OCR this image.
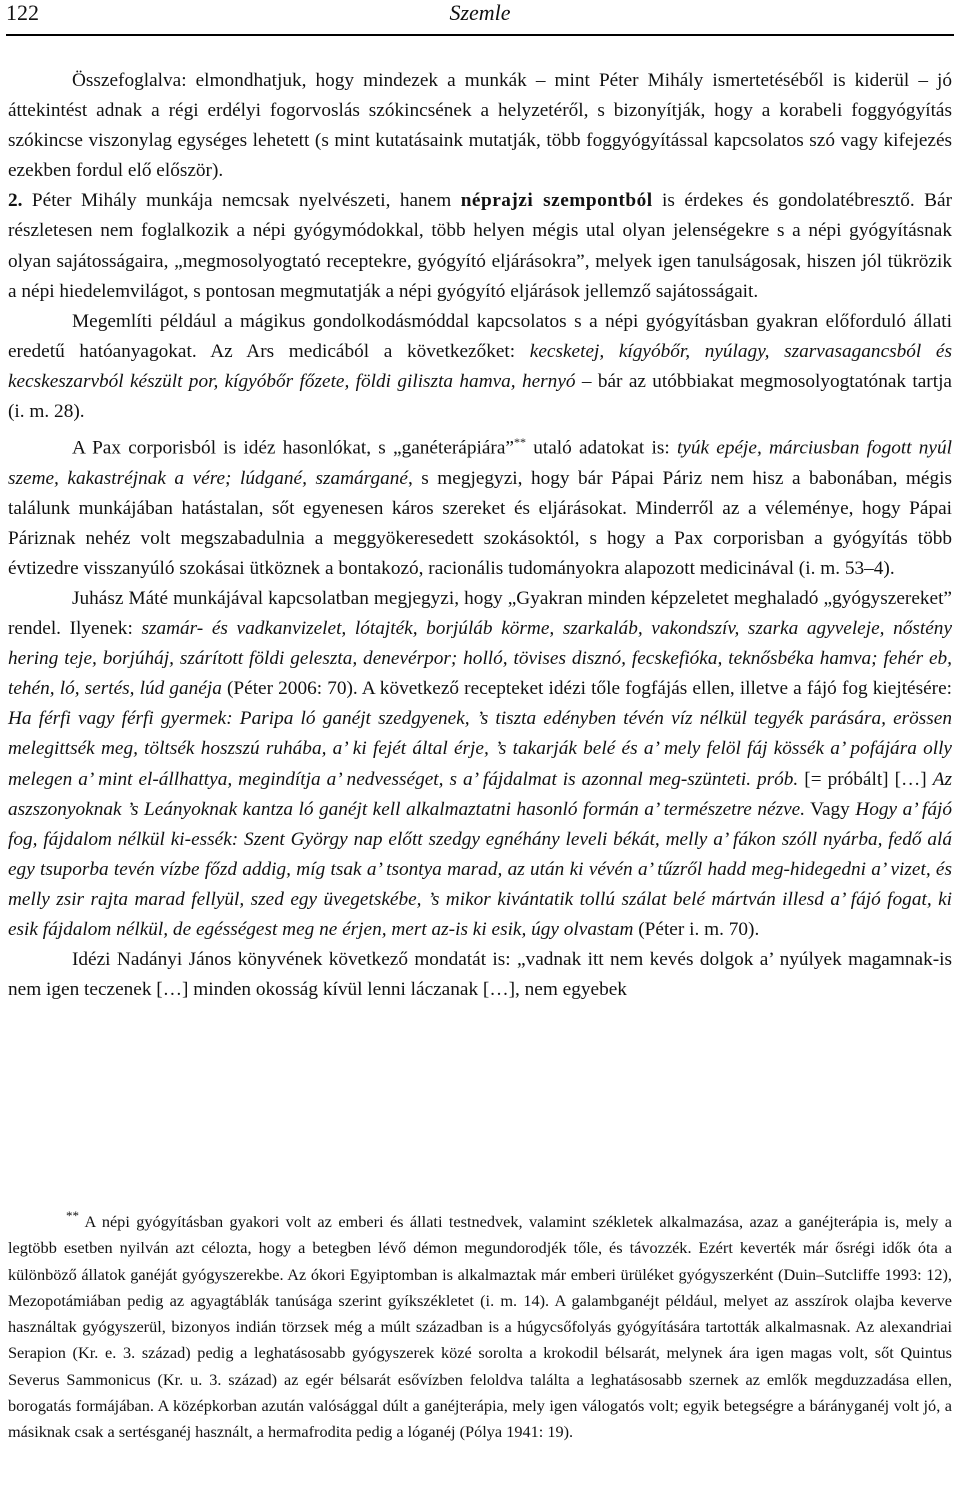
122	Szemle

Összefoglalva: elmondhatjuk, hogy mindezek a munkák – mint Péter Mihály ismertetéséből is kiderül – jó áttekintést adnak a régi erdélyi fogorvoslás szókincsének a helyzetéről, s bizonyítják, hogy a korabeli foggyógyítás szókincse viszonylag egységes lehetett (s mint kutatásaink mutatják, több foggyógyítással kapcsolatos szó vagy kifejezés ezekben fordul elő először).

2. Péter Mihály munkája nemcsak nyelvészeti, hanem néprajzi szempontból is érdekes és gondolatébresztő. Bár részletesen nem foglalkozik a népi gyógymódokkal, több helyen mégis utal olyan jelenségekre s a népi gyógyításnak olyan sajátosságaira, „megmosolyogtató receptekre, gyógyító eljárásokra”, melyek igen tanulságosak, hiszen jól tükrözik a népi hiedelemvilágot, s pontosan megmutatják a népi gyógyító eljárások jellemző sajátosságait.

Megemlíti például a mágikus gondolkodásmóddal kapcsolatos s a népi gyógyításban gyakran előforduló állati eredetű hatóanyagokat. Az Ars medicából a következőket: kecsketej, kígyóbőr, nyúlagy, szarvasagancsból és kecskeszarvból készült por, kígyóbőr főzete, földi giliszta hamva, hernyó – bár az utóbbiakat megmosolyogtatónak tartja (i. m. 28).

A Pax corporisból is idéz hasonlókat, s „ganéterápiára”** utaló adatokat is: tyúk epéje, márciusban fogott nyúl szeme, kakastréjnak a vére; lúdgané, szamárgané, s megjegyzi, hogy bár Pápai Páriz nem hisz a babonában, mégis találunk munkájában hatástalan, sőt egyenesen káros szereket és eljárásokat. Minderről az a véleménye, hogy Pápai Páriznak nehéz volt megszabadulnia a meggyökeresedett szokásoktól, s hogy a Pax corporisban a gyógyítás több évtizedre visszanyúló szokásai ütköznek a bontakozó, racionális tudományokra alapozott medicinával (i. m. 53–4).

Juhász Máté munkájával kapcsolatban megjegyzi, hogy „Gyakran minden képzeletet meghaladó „gyógyszereket” rendel. Ilyenek: szamár- és vadkanvizelet, lótajték, borjúláb körme, szarkaláb, vakondszív, szarka agyveleje, nőstény hering teje, borjúháj, szárított földi geleszta, denevérpor; holló, tövises disznó, fecskefióka, teknősbéka hamva; fehér eb, tehén, ló, sertés, lúd ganéja (Péter 2006: 70). A következő recepteket idézi tőle fogfájás ellen, illetve a fájó fog kiejtésére: Ha férfi vagy férfi gyermek: Paripa ló ganéjt szedgyenek, ’s tiszta edényben tévén víz nélkül tegyék parására, erössen melegittsék meg, töltsék hoszszú ruhába, a’ ki fejét által érje, ’s takarják belé és a’ mely felöl fáj kössék a’ pofájára olly melegen a’ mint el-állhattya, megindítja a’ nedvességet, s a’ fájdalmat is azonnal meg-szünteti. prób. [= próbált] […] Az aszszonyoknak ’s Leányoknak kantza ló ganéjt kell alkalmaztatni hasonló formán a’ természetre nézve. Vagy Hogy a’ fájó fog, fájdalom nélkül ki-essék: Szent György nap előtt szedgy egnéhány leveli békát, melly a’ fákon szóll nyárba, fedő alá egy tsuporba tevén vízbe főzd addig, míg tsak a’ tsontya marad, az után ki vévén a’ tűzről hadd meg-hidegedni a’ vizet, és melly zsir rajta marad fellyül, szed egy üvegetskébe, ’s mikor kivántatik tollú szálat belé mártván illesd a’ fájó fogat, ki esik fájdalom nélkül, de egésségest meg ne érjen, mert az-is ki esik, úgy olvastam (Péter i. m. 70).

Idézi Nadányi János könyvének következő mondatát is: „vadnak itt nem kevés dolgok a’ nyúlyek magamnak-is nem igen teczenek […] minden okosság kívül lenni láczanak […], nem egyebek

** A népi gyógyításban gyakori volt az emberi és állati testnedvek, valamint székletek alkalmazása, azaz a ganéjterápia is, mely a legtöbb esetben nyilván azt célozta, hogy a betegben lévő démon megundorodjék tőle, és távozzék. Ezért keverték már ősrégi idők óta a különböző állatok ganéját gyógyszerekbe. Az ókori Egyiptomban is alkalmaztak már emberi ürüléket gyógyszerként (Duin–Sutcliffe 1993: 12), Mezopotámiában pedig az agyagtáblák tanúsága szerint gyíkszékletet (i. m. 14). A galambganéjt például, melyet az asszírok olajba keverve használtak gyógyszerül, bizonyos indián törzsek még a múlt században is a húgycsőfolyás gyógyítására tartották alkalmasnak. Az alexandriai Serapion (Kr. e. 3. század) pedig a leghatásosabb gyógyszerek közé sorolta a krokodil bélsarát, melynek ára igen magas volt, sőt Quintus Severus Sammonicus (Kr. u. 3. század) az egér bélsarát esővízben feloldva találta a leghatásosabb szernek az emlők megduzzadása ellen, borogatás formájában. A középkorban azután valósággal dúlt a ganéjterápia, mely igen válogatós volt; egyik betegségre a bárányganéj volt jó, a másiknak csak a sertésganéj használt, a hermafrodita pedig a lóganéj (Pólya 1941: 19).
